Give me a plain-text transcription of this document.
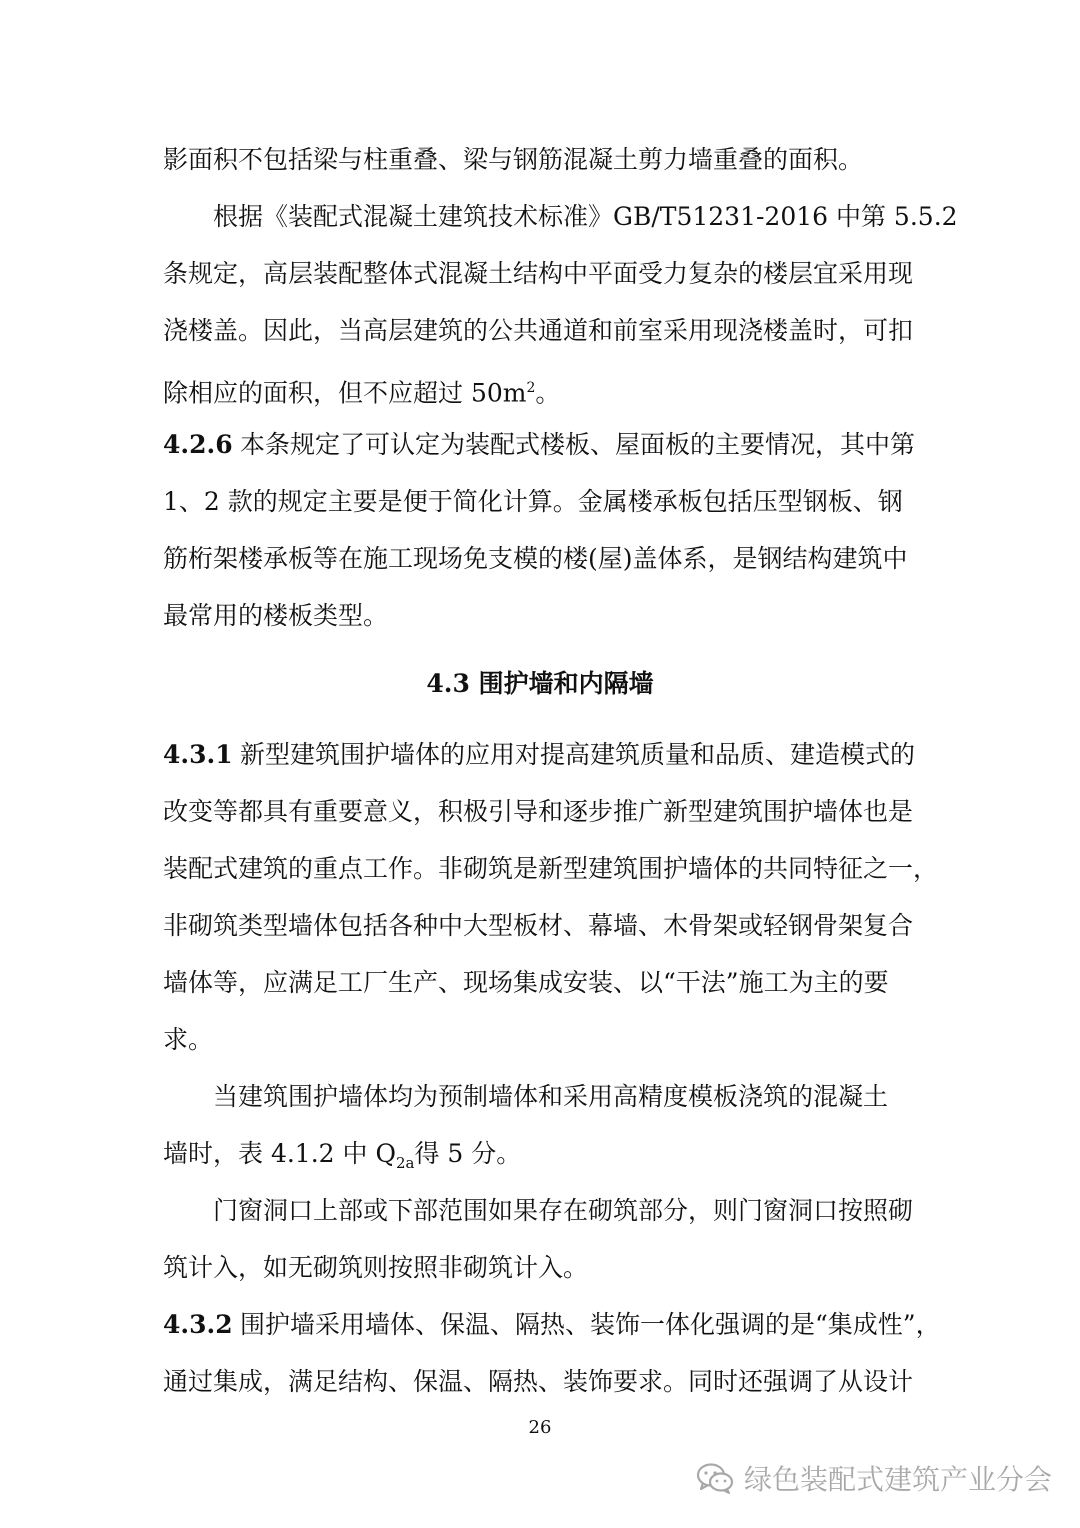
影面积不包括梁与柱重叠、梁与钢筋混凝土剪力墙重叠的面积。
根据《装配式混凝土建筑技术标准》GB/T51231-2016 中第 5.5.2
条规定，高层装配整体式混凝土结构中平面受力复杂的楼层宜采用现
浇楼盖。因此，当高层建筑的公共通道和前室采用现浇楼盖时，可扣
除相应的面积，但不应超过 $50m^2$。
4.2.6 本条规定了可认定为装配式楼板、屋面板的主要情况，其中第
1、2 款的规定主要是便于简化计算。金属楼承板包括压型钢板、钢
筋桁架楼承板等在施工现场免支模的楼(屋)盖体系，是钢结构建筑中
最常用的楼板类型。
4.3 围护墙和内隔墙
4.3.1 新型建筑围护墙体的应用对提高建筑质量和品质、建造模式的
改变等都具有重要意义，积极引导和逐步推广新型建筑围护墙体也是
装配式建筑的重点工作。非砌筑是新型建筑围护墙体的共同特征之一，
非砌筑类型墙体包括各种中大型板材、幕墙、木骨架或轻钢骨架复合
墙体等，应满足工厂生产、现场集成安装、以“干法”施工为主的要
求。
当建筑围护墙体均为预制墙体和采用高精度模板浇筑的混凝土
墙时，表 4.1.2 中 $Q_{2a}$得 5 分。
门窗洞口上部或下部范围如果存在砌筑部分，则门窗洞口按照砌
筑计入，如无砌筑则按照非砌筑计入。
4.3.2 围护墙采用墙体、保温、隔热、装饰一体化强调的是“集成性”，
通过集成，满足结构、保温、隔热、装饰要求。同时还强调了从设计
26
绿色装配式建筑产业分会
